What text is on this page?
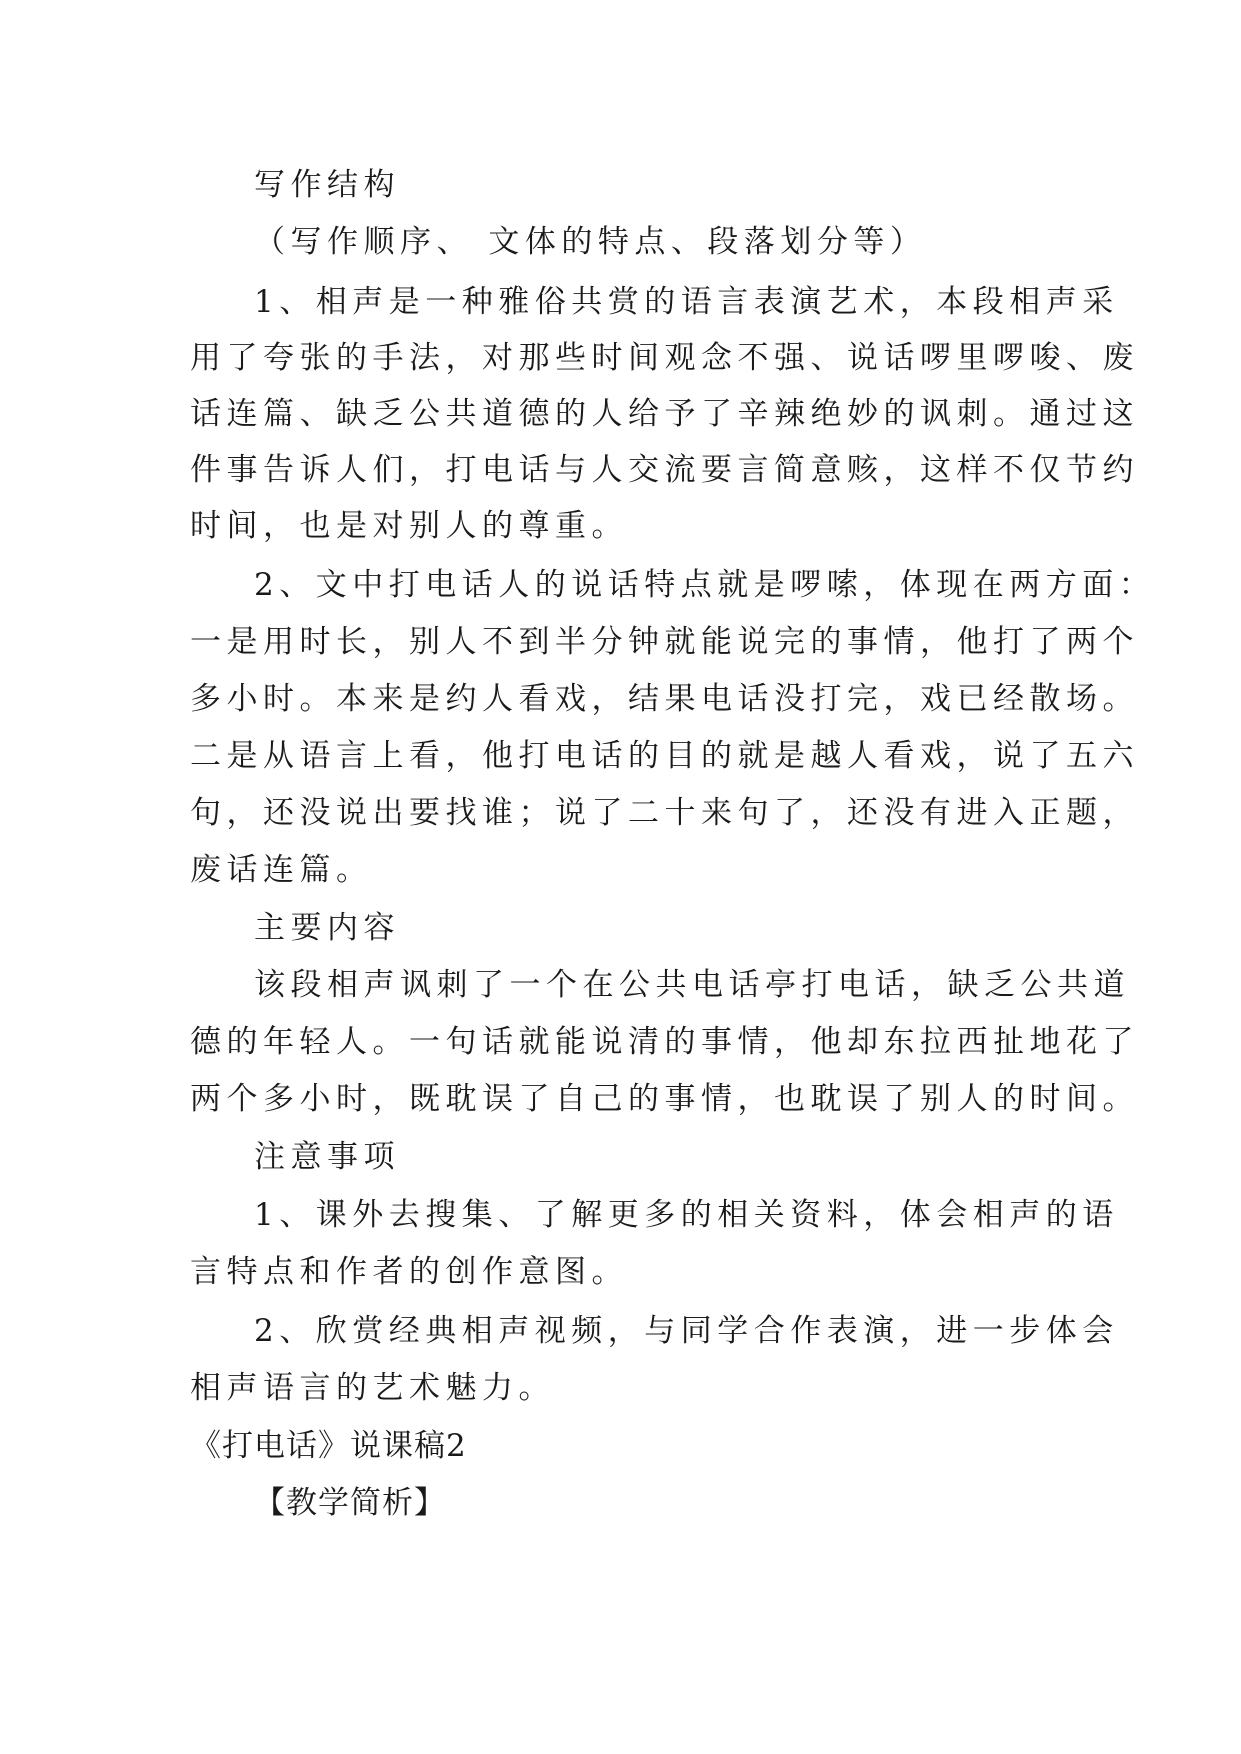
写作结构
（写作顺序、 文体的特点、段落划分等）
1、相声是一种雅俗共赏的语言表演艺术，本段相声采
用了夸张的手法，对那些时间观念不强、说话啰里啰唆、废
话连篇、缺乏公共道德的人给予了辛辣绝妙的讽刺。通过这
件事告诉人们，打电话与人交流要言简意赅，这样不仅节约
时间，也是对别人的尊重。
2、文中打电话人的说话特点就是啰嗦，体现在两方面：
一是用时长，别人不到半分钟就能说完的事情，他打了两个
多小时。本来是约人看戏，结果电话没打完，戏已经散场。
二是从语言上看，他打电话的目的就是越人看戏，说了五六
句，还没说出要找谁；说了二十来句了，还没有进入正题，
废话连篇。
主要内容
该段相声讽刺了一个在公共电话亭打电话，缺乏公共道
德的年轻人。一句话就能说清的事情，他却东拉西扯地花了
两个多小时，既耽误了自己的事情，也耽误了别人的时间。
注意事项
1、课外去搜集、了解更多的相关资料，体会相声的语
言特点和作者的创作意图。
2、欣赏经典相声视频，与同学合作表演，进一步体会
相声语言的艺术魅力。
《打电话》说课稿2
【教学简析】
